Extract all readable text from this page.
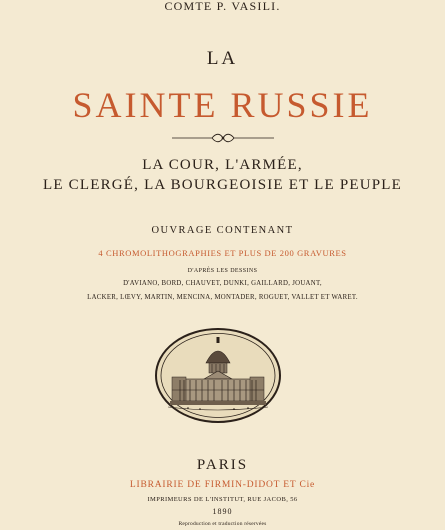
COMTE P. VASILI.
LA
SAINTE RUSSIE
LA COUR, L'ARMÉE,
LE CLERGÉ, LA BOURGEOISIE ET LE PEUPLE
OUVRAGE CONTENANT
4 CHROMOLITHOGRAPHIES ET PLUS DE 200 GRAVURES
D'APRÈS LES DESSINS
D'AVIANO, BORD, CHAUVET, DUNKI, GAILLARD, JOUANT,
LACKER, LŒVY, MARTIN, MENCINA, MONTADER, ROGUET, VALLET ET WARET.
PARIS
LIBRAIRIE DE FIRMIN-DIDOT ET Cie
IMPRIMEURS DE L'INSTITUT, RUE JACOB, 56
1890
Reproduction et traduction réservées
